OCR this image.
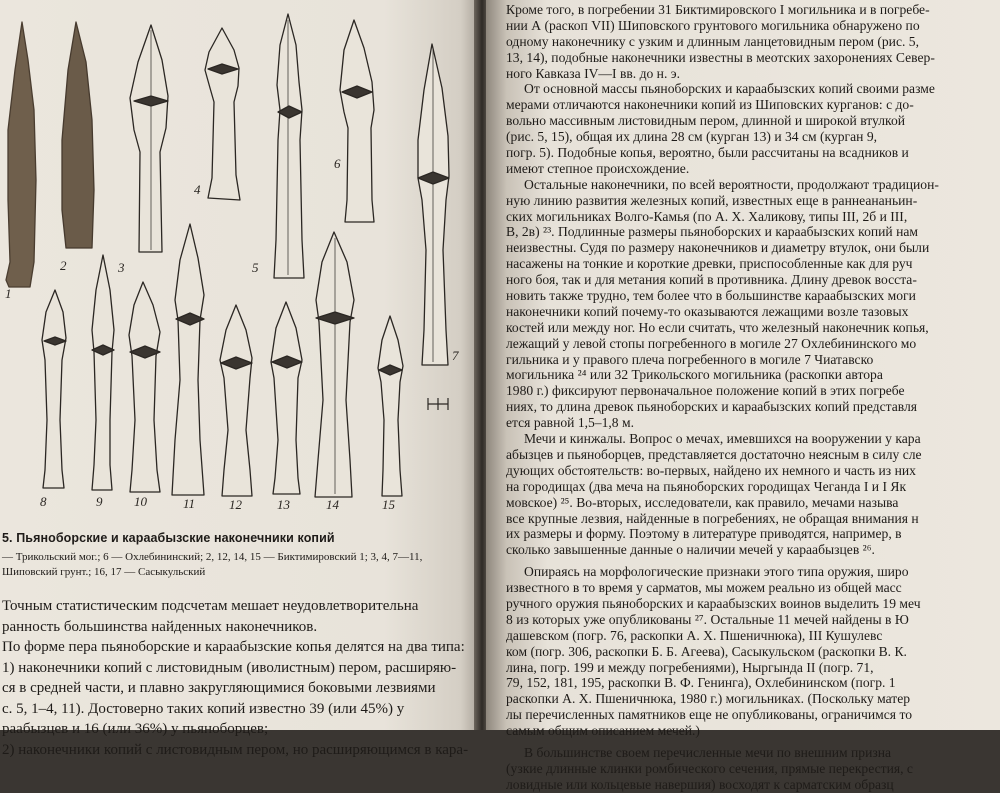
1
2	3
4
5
6
7
8	9 10	11	12	13	14	15
5. Пьяноборские и караабызские наконечники копий
— Трикольский мог.; 6 — Охлебининский; 2, 12, 14, 15 — Биктимировский 1; 3, 4, 7—11,
Шиповский грунт.; 16, 17 — Сасыкульский
Точным статистическим подсчетам мешает неудовлетворительна
ранность большинства найденных наконечников.
По форме пера пьяноборские и караабызские копья делятся на два типа:
1) наконечники копий с листовидным (иволистным) пером, расширяю-
ся в средней части, и плавно закругляющимися боковыми лезвиями
с. 5, 1–4, 11). Достоверно таких копий известно 39 (или 45%) у
раабызцев и 16 (или 36%) у пьяноборцев;
2) наконечники копий с листовидным пером, но расширяющимся в кара-
Кроме того, в погребении 31 Биктимировского I могильника и в погребе-
нии А (раскоп VII) Шиповского грунтового могильника обнаружено по
одному наконечнику с узким и длинным ланцетовидным пером (рис. 5,
13, 14), подобные наконечники известны в меотских захоронениях Север-
ного Кавказа IV—I вв. до н. э.
От основной массы пьяноборских и караабызских копий своими разме
мерами отличаются наконечники копий из Шиповских курганов: с до-
вольно массивным листовидным пером, длинной и широкой втулкой
(рис. 5, 15), общая их длина 28 см (курган 13) и 34 см (курган 9,
погр. 5). Подобные копья, вероятно, были рассчитаны на всадников и
имеют степное происхождение.
Остальные наконечники, по всей вероятности, продолжают традицион-
ную линию развития железных копий, известных еще в раннеананьин-
ских могильниках Волго-Камья (по А. Х. Халикову, типы III, 2б и III,
В, 2в) ²³. Подлинные размеры пьяноборских и караабызских копий нам
неизвестны. Судя по размеру наконечников и диаметру втулок, они были
насажены на тонкие и короткие древки, приспособленные как для руч
ного боя, так и для метания копий в противника. Длину древок восста-
новить также трудно, тем более что в большинстве караабызских моги
наконечники копий почему-то оказываются лежащими возле тазовых
костей или между ног. Но если считать, что железный наконечник копья,
лежащий у левой стопы погребенного в могиле 27 Охлебининского мо
гильника и у правого плеча погребенного в могиле 7 Чиатавско
могильника ²⁴ или 32 Трикольского могильника (раскопки автора
1980 г.) фиксируют первоначальное положение копий в этих погребе
ниях, то длина древок пьяноборских и караабызских копий представля
ется равной 1,5–1,8 м.
Мечи и кинжалы. Вопрос о мечах, имевшихся на вооружении у кара
абызцев и пьяноборцев, представляется достаточно неясным в силу сле
дующих обстоятельств: во-первых, найдено их немного и часть из них
на городищах (два меча на пьяноборских городищах Чеганда I и I Як
мовское) ²⁵. Во-вторых, исследователи, как правило, мечами называ
все крупные лезвия, найденные в погребениях, не обращая внимания н
их размеры и форму. Поэтому в литературе приводятся, например, в
сколько завышенные данные о наличии мечей у караабызцев ²⁶.
Опираясь на морфологические признаки этого типа оружия, широ
известного в то время у сарматов, мы можем реально из общей масс
ручного оружия пьяноборских и караабызских воинов выделить 19 меч
8 из которых уже опубликованы ²⁷. Остальные 11 мечей найдены в Ю
дашевском (погр. 76, раскопки А. Х. Пшеничнюка), III Кушулевс
ком (погр. 306, раскопки Б. Б. Агеева), Сасыкульском (раскопки В. К.
лина, погр. 199 и между погребениями), Ныргында II (погр. 71,
79, 152, 181, 195, раскопки В. Ф. Генинга), Охлебининском (погр. 1
раскопки А. Х. Пшеничнюка, 1980 г.) могильниках. (Поскольку матер
лы перечисленных памятников еще не опубликованы, ограничимся то
самым общим описанием мечей.)
В большинстве своем перечисленные мечи по внешним призна
(узкие длинные клинки ромбического сечения, прямые перекрестия, с
ловидные или кольцевые навершия) восходят к сарматским образц
